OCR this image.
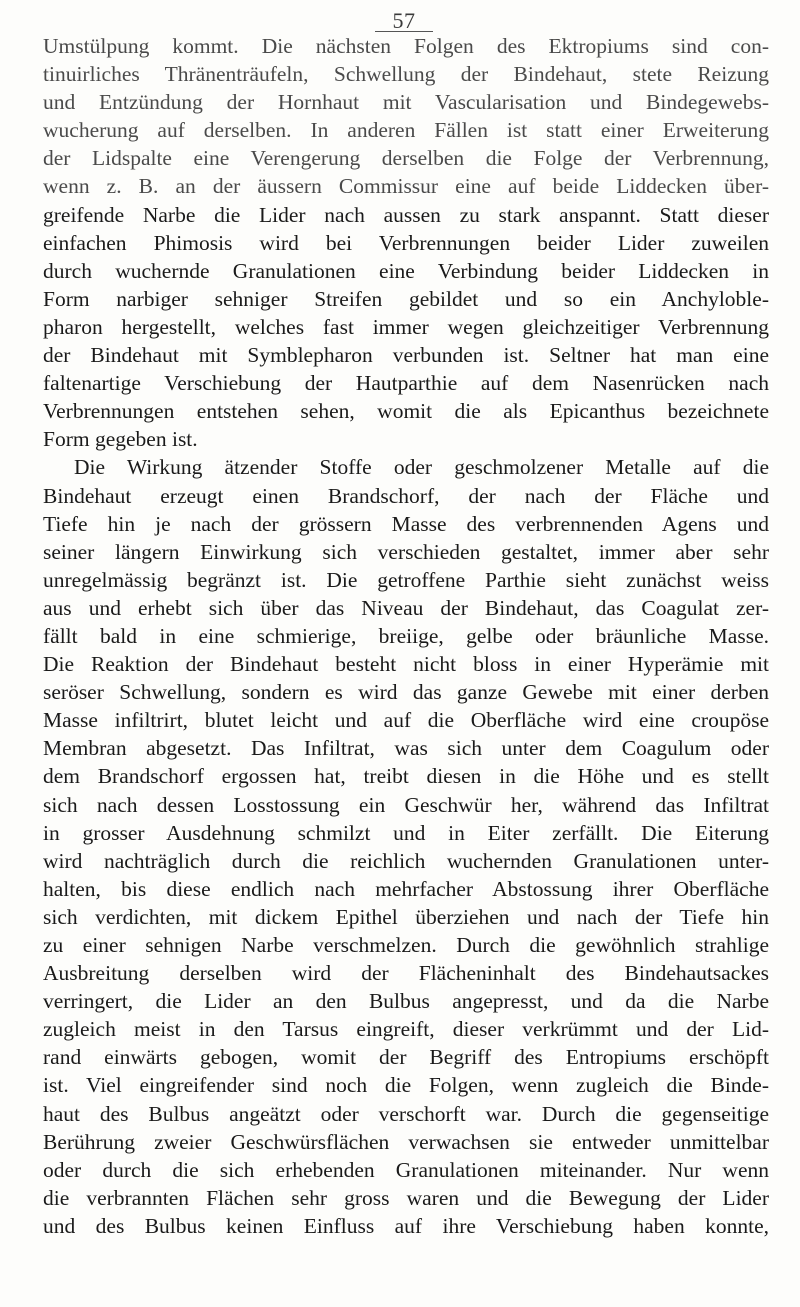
57
Umstülpung kommt. Die nächsten Folgen des Ektropiums sind con-
tinuirliches Thränenträufeln, Schwellung der Bindehaut, stete Reizung
und Entzündung der Hornhaut mit Vascularisation und Bindegewebs-
wucherung auf derselben. In anderen Fällen ist statt einer Erweiterung
der Lidspalte eine Verengerung derselben die Folge der Verbrennung,
wenn z. B. an der äussern Commissur eine auf beide Liddecken über-
greifende Narbe die Lider nach aussen zu stark anspannt. Statt dieser
einfachen Phimosis wird bei Verbrennungen beider Lider zuweilen
durch wuchernde Granulationen eine Verbindung beider Liddecken in
Form narbiger sehniger Streifen gebildet und so ein Anchyloble-
pharon hergestellt, welches fast immer wegen gleichzeitiger Verbrennung
der Bindehaut mit Symblepharon verbunden ist. Seltner hat man eine
faltenartige Verschiebung der Hautparthie auf dem Nasenrücken nach
Verbrennungen entstehen sehen, womit die als Epicanthus bezeichnete
Form gegeben ist.
Die Wirkung ätzender Stoffe oder geschmolzener Metalle auf die
Bindehaut erzeugt einen Brandschorf, der nach der Fläche und
Tiefe hin je nach der grössern Masse des verbrennenden Agens und
seiner längern Einwirkung sich verschieden gestaltet, immer aber sehr
unregelmässig begränzt ist. Die getroffene Parthie sieht zunächst weiss
aus und erhebt sich über das Niveau der Bindehaut, das Coagulat zer-
fällt bald in eine schmierige, breiige, gelbe oder bräunliche Masse.
Die Reaktion der Bindehaut besteht nicht bloss in einer Hyperämie mit
seröser Schwellung, sondern es wird das ganze Gewebe mit einer derben
Masse infiltrirt, blutet leicht und auf die Oberfläche wird eine croupöse
Membran abgesetzt. Das Infiltrat, was sich unter dem Coagulum oder
dem Brandschorf ergossen hat, treibt diesen in die Höhe und es stellt
sich nach dessen Losstossung ein Geschwür her, während das Infiltrat
in grosser Ausdehnung schmilzt und in Eiter zerfällt. Die Eiterung
wird nachträglich durch die reichlich wuchernden Granulationen unter-
halten, bis diese endlich nach mehrfacher Abstossung ihrer Oberfläche
sich verdichten, mit dickem Epithel überziehen und nach der Tiefe hin
zu einer sehnigen Narbe verschmelzen. Durch die gewöhnlich strahlige
Ausbreitung derselben wird der Flächeninhalt des Bindehautsackes
verringert, die Lider an den Bulbus angepresst, und da die Narbe
zugleich meist in den Tarsus eingreift, dieser verkrümmt und der Lid-
rand einwärts gebogen, womit der Begriff des Entropiums erschöpft
ist. Viel eingreifender sind noch die Folgen, wenn zugleich die Binde-
haut des Bulbus angeätzt oder verschorft war. Durch die gegenseitige
Berührung zweier Geschwürsflächen verwachsen sie entweder unmittelbar
oder durch die sich erhebenden Granulationen miteinander. Nur wenn
die verbrannten Flächen sehr gross waren und die Bewegung der Lider
und des Bulbus keinen Einfluss auf ihre Verschiebung haben konnte,
